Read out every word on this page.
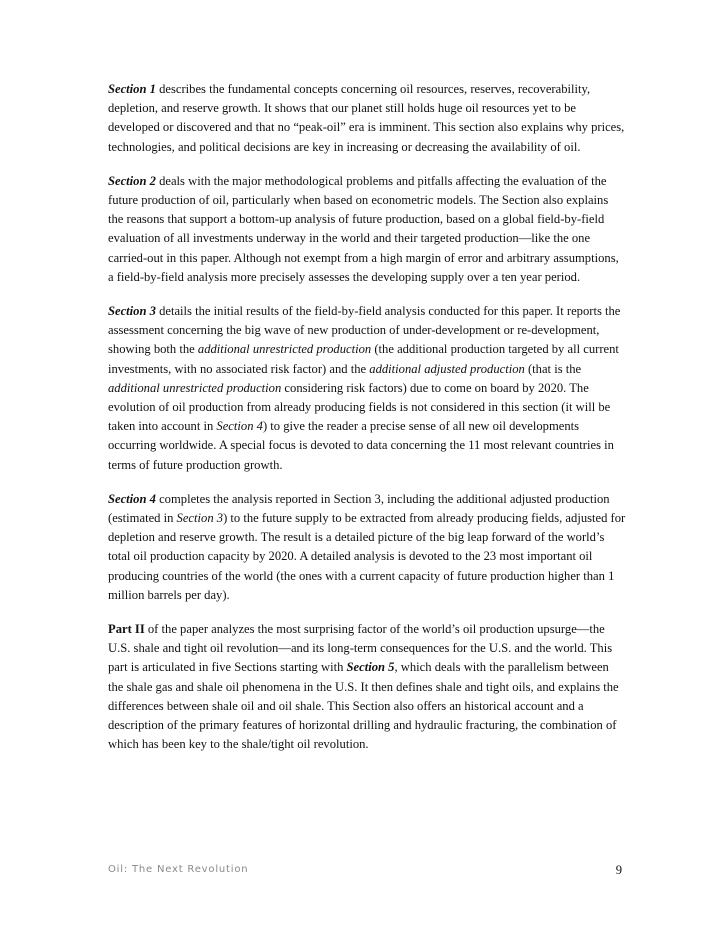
Section 1 describes the fundamental concepts concerning oil resources, reserves, recoverability, depletion, and reserve growth. It shows that our planet still holds huge oil resources yet to be developed or discovered and that no “peak-oil” era is imminent. This section also explains why prices, technologies, and political decisions are key in increasing or decreasing the availability of oil.

Section 2 deals with the major methodological problems and pitfalls affecting the evaluation of the future production of oil, particularly when based on econometric models. The Section also explains the reasons that support a bottom-up analysis of future production, based on a global field-by-field evaluation of all investments underway in the world and their targeted production—like the one carried-out in this paper. Although not exempt from a high margin of error and arbitrary assumptions, a field-by-field analysis more precisely assesses the developing supply over a ten year period.

Section 3 details the initial results of the field-by-field analysis conducted for this paper. It reports the assessment concerning the big wave of new production of under-development or re-development, showing both the additional unrestricted production (the additional production targeted by all current investments, with no associated risk factor) and the additional adjusted production (that is the additional unrestricted production considering risk factors) due to come on board by 2020. The evolution of oil production from already producing fields is not considered in this section (it will be taken into account in Section 4) to give the reader a precise sense of all new oil developments occurring worldwide. A special focus is devoted to data concerning the 11 most relevant countries in terms of future production growth.

Section 4 completes the analysis reported in Section 3, including the additional adjusted production (estimated in Section 3) to the future supply to be extracted from already producing fields, adjusted for depletion and reserve growth. The result is a detailed picture of the big leap forward of the world’s total oil production capacity by 2020. A detailed analysis is devoted to the 23 most important oil producing countries of the world (the ones with a current capacity of future production higher than 1 million barrels per day).

Part II of the paper analyzes the most surprising factor of the world’s oil production upsurge—the U.S. shale and tight oil revolution—and its long-term consequences for the U.S. and the world. This part is articulated in five Sections starting with Section 5, which deals with the parallelism between the shale gas and shale oil phenomena in the U.S. It then defines shale and tight oils, and explains the differences between shale oil and oil shale. This Section also offers an historical account and a description of the primary features of horizontal drilling and hydraulic fracturing, the combination of which has been key to the shale/tight oil revolution.

Oil: The Next Revolution	9
